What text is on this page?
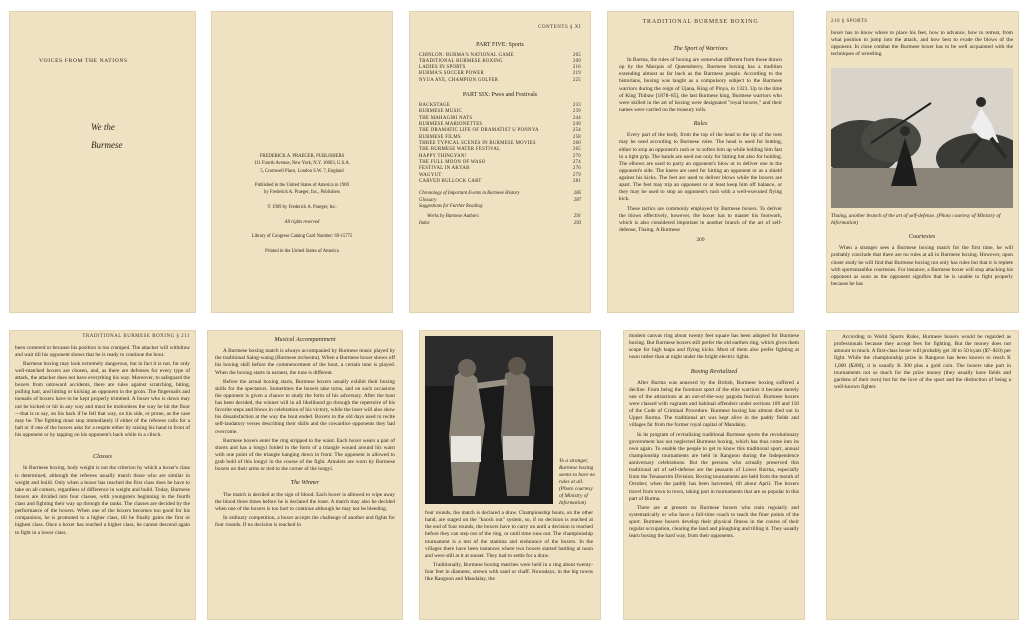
VOICES FROM THE NATIONS
We the
Burmese
FREDERICK A. PRAEGER, PUBLISHERS
111 Fourth Avenue, New York, N.Y. 10003, U.S.A.
5, Cromwell Place, London S.W. 7, England

Published in the United States of America in 1969
by Frederick A. Praeger, Inc., Publishers

© 1969 by Frederick A. Praeger, Inc.

All rights reserved

Library of Congress Catalog Card Number: 69-15775

Printed in the United States of America
CONTENTS § XI
PART FIVE: Sports
CHINLON: BURMA'S NATIONAL GAME	205
TRADITIONAL BURMESE BOXING	209
LADIES IN SPORTS	216
BURMA'S SOCCER POWER	219
NYUA AYE, CHAMPION GOLFER	225
PART SIX: Pwes and Festivals
BACKSTAGE	233
BURMESE MUSIC	239
THE MAHAGIRI NATS	244
BURMESE MARIONETTES	249
THE DRAMATIC LIFE OF DRAMATIST U PONNYA	254
BURMESE FILMS	258
THREE TYPICAL SCENES IN BURMESE MOVIES	260
THE BURMESE WATER FESTIVAL	265
HAPPY THINGYAN!	270
THE FULL MOON OF WASO	274
FESTIVAL IN AKYAB	276
WAGYUT	279
CARVED BULLOCK CART	281
Chronology of Important Events in Burmese History	285
Glossary	287
Suggestions for Further Reading:
Works by Burmese Authors	291
Index	293
TRADITIONAL BURMESE BOXING
The Sport of Warriors

In Burma, the rules of boxing are somewhat different from those drawn up by the Marquis of Queensberry. Burmese boxing has a tradition extending almost as far back as the Burmese people. According to the historians, boxing was taught as a compulsory subject to the Burmese warriors during the reign of Ujana, King of Pinya, in 1323. Up to the time of King Thibaw [1878–85], the last Burmese king, Burmese warriors who were skilled in the art of boxing were designated "royal boxers," and their names were carried on the treasury rolls.

Rules

Every part of the body, from the top of the head to the tip of the toes may be used according to Burmese rules. The head is used for butting, either to stop an opponent's rush or to soften him up while holding him fast in a tight grip. The hands are used not only for hitting but also for holding. The elbows are used to parry an opponent's blow or to deliver one in the opponent's side. The knees are used for hitting an opponent or as a shield against his kicks. The feet are used to deliver blows while the boxers are apart. The feet may trip an opponent or at least keep him off balance, or they may be used to stop an opponent's rush with a well-executed flying kick.

These tactics are commonly employed by Burmese boxers. To deliver the blows effectively, however, the boxer has to master his footwork, which is also considered important in another branch of the art of self-defense, Thaing. A Burmese

209
210 § SPORTS

boxer has to know where to place his feet, how to advance, how to retreat, from what position to jump into the attack, and how best to evade the blows of the opponent. In close combat the Burmese boxer has to be well acquainted with the techniques of wrestling.

Thaing, another branch of the art of self-defense. (Photo courtesy of Ministry of Information)
Courtesies

When a stranger sees a Burmese boxing match for the first time, he will probably conclude that there are no rules at all in Burmese boxing. However, upon closer study he will find that Burmese boxing not only has rules but that it is replete with sportsmanlike courtesies. For instance, a Burmese boxer will stop attacking his opponent as soon as the opponent signifies that he is unable to fight properly because he has

TRADITIONAL BURMESE BOXING § 211

been cornered or because his position is too cramped. The attacker will withdraw and wait till his opponent shows that he is ready to continue the bout.

Burmese boxing may look extremely dangerous, but in fact it is not, for only well-matched boxers are chosen, and, as there are defenses for every type of attack, the attacker does not have everything his way. Moreover, to safeguard the boxers from untoward accidents, there are rules against scratching, biting, pulling hair, and hitting or kicking an opponent in the groin. The fingernails and toenails of boxers have to be kept properly trimmed. A boxer who is down may not be kicked or hit in any way and must lie motionless the way he hit the floor—that is to say, on his back if he fell that way, on his side, or prone, as the case may be. The fighting must stop immediately if either of the referees calls for a halt or if one of the boxers asks for a respite either by raising his hand in front of his opponent or by tapping on his opponent's back while in a clinch.

Classes

In Burmese boxing, body weight is not the criterion by which a boxer's class is determined, although the referees usually match those who are similar in weight and build. Only when a boxer has reached the first class does he have to take on all comers, regardless of difference in weight and build. Today, Burmese boxers are divided into four classes, with youngsters beginning in the fourth class and fighting their way up through the ranks. The classes are decided by the performance of the boxers. When one of the boxers becomes too good for his companions, he is promoted to a higher class, till he finally gains the first or highest class. Once a boxer has reached a higher class, he cannot descend again to fight in a lower class.

Musical Accompaniment

A Burmese boxing match is always accompanied by Burmese music played by the traditional Saing-waing (Burmese orchestra). When a Burmese boxer shows off his boxing skill before the commencement of the bout, a certain tune is played. When the boxing starts in earnest, the tune is different.

Before the actual boxing starts, Burmese boxers usually exhibit their boxing skills for the spectators. Sometimes the boxers take turns, and on such occasions the opponent is given a chance to study the form of his adversary. After the bout has been decided, the winner will in all likelihood go through the repertoire of his favorite steps and blows in celebration of his victory, while the loser will also show his dissatisfaction at the way the bout ended. Boxers in the old days used to recite self-laudatory verses describing their skills and the cowardice opponents they had overcome.

Burmese boxers enter the ring stripped to the waist. Each boxer wears a pair of shorts and has a longyi folded in the form of a triangle wound around his waist with one point of the triangle hanging down in front. The opponent is allowed to grab hold of this longyi in the course of the fight. Amulets are worn by Burmese boxers on their arms or tied to the corner of the longyi.

The Winner

The match is decided at the sign of blood. Each boxer is allowed to wipe away the blood three times before he is declared the loser. A match may also be decided when one of the boxers is too hurt to continue although he may not be bleeding.

In ordinary competition, a boxer accepts the challenge of another and fights for four rounds. If no decision is reached in

To a stranger, Burmese boxing seems to have no rules at all. (Photo courtesy of Ministry of Information)

four rounds, the match is declared a draw. Championship bouts, on the other hand, are staged on the "knock out" system, so, if no decision is reached at the end of four rounds, the boxers have to carry on until a decision is reached before they can step out of the ring, or until time runs out. The championship tournament is a test of the stamina and endurance of the boxers. In the villages there have been instances where two boxers started battling at noon and were still at it at sunset. They had to settle for a draw.

Traditionally, Burmese boxing matches were held in a ring about twenty-four feet in diameter, strewn with sand or chaff. Nowadays, in the big towns like Rangoon and Mandalay, the

modern canvas ring about twenty feet square has been adopted for Burmese boxing. But Burmese boxers still prefer the old earthen ring, which gives them scope for high leaps and flying kicks. Most of them also prefer fighting at noon rather than at night under the bright electric lights.

Boxing Revitalized

After Burma was annexed by the British, Burmese boxing suffered a decline. From being the foremost sport of the elite warriors it became merely one of the attractions at an out-of-the-way pagoda festival. Burmese boxers were classed with vagrants and habitual offenders under sections 109 and 110 of the Code of Criminal Procedure. Burmese boxing has almost died out in Upper Burma. The traditional art was kept alive in the paddy fields and villages far from the former royal capital of Mandalay.

In its program of revitalizing traditional Burmese sports the revolutionary government has not neglected Burmese boxing, which has thus come into its own again. To enable the people to get to know this traditional sport, annual championship tournaments are held in Rangoon during the Independence anniversary celebrations. But the persons who actually preserved this traditional art of self-defense are the peasants of Lower Burma, especially from the Tenasserim Division. Boxing tournaments are held from the month of October, when the paddy has been harvested, till about April. The boxers travel from town to town, taking part in tournaments that are so popular in this part of Burma.

There are at present no Burmese boxers who train regularly and systematically or who have a full-time coach to teach the finer points of the sport. Burmese boxers develop their physical fitness in the course of their regular occupation, clearing the land and ploughing and tilling it. They usually learn boxing the hard way, from their opponents.

According to World Sports Rules, Burmese boxers would be regarded as professionals because they accept fees for fighting. But the money does not amount to much. A first-class boxer will probably get 30 to 50 kyats ($7–$10) per fight. While the championship prize in Rangoon has been known to reach K 1,000 ($200), it is usually K 300 plus a gold coin. The boxers take part in tournaments not so much for the prize money (they usually have fields and gardens of their own) but for the love of the sport and the distinction of being a well-known fighter.
